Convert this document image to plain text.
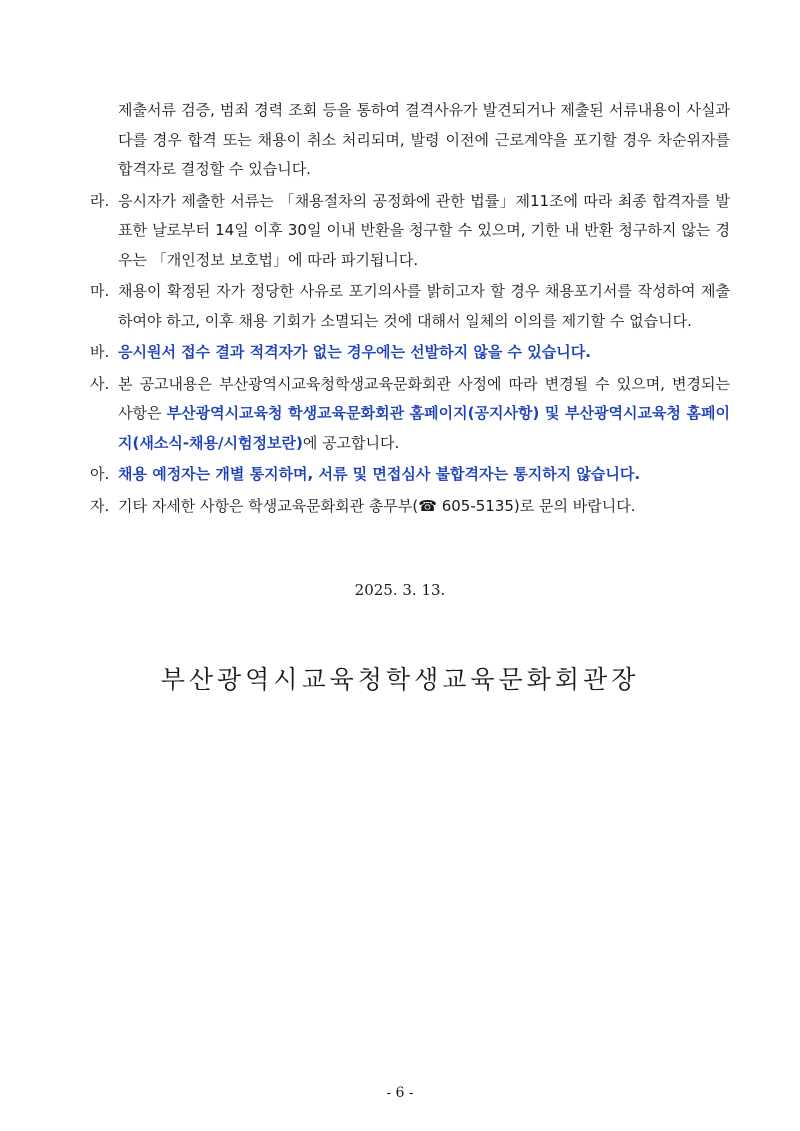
제출서류 검증, 범죄 경력 조회 등을 통하여 결격사유가 발견되거나 제출된 서류내용이 사실과 다를 경우 합격 또는 채용이 취소 처리되며, 발령 이전에 근로계약을 포기할 경우 차순위자를 합격자로 결정할 수 있습니다.

라. 응시자가 제출한 서류는 「채용절차의 공정화에 관한 법률」제11조에 따라 최종 합격자를 발표한 날로부터 14일 이후 30일 이내 반환을 청구할 수 있으며, 기한 내 반환 청구하지 않는 경우는 「개인정보 보호법」에 따라 파기됩니다.
마. 채용이 확정된 자가 정당한 사유로 포기의사를 밝히고자 할 경우 채용포기서를 작성하여 제출하여야 하고, 이후 채용 기회가 소멸되는 것에 대해서 일체의 이의를 제기할 수 없습니다.
바. 응시원서 접수 결과 적격자가 없는 경우에는 선발하지 않을 수 있습니다.
사. 본 공고내용은 부산광역시교육청학생교육문화회관 사정에 따라 변경될 수 있으며, 변경되는 사항은 부산광역시교육청 학생교육문화회관 홈페이지(공지사항) 및 부산광역시교육청 홈페이지(새소식-채용/시험정보란)에 공고합니다.
아. 채용 예정자는 개별 통지하며, 서류 및 면접심사 불합격자는 통지하지 않습니다.
자. 기타 자세한 사항은 학생교육문화회관 총무부(☎ 605-5135)로 문의 바랍니다.
2025. 3. 13.
부산광역시교육청학생교육문화회관장
- 6 -
